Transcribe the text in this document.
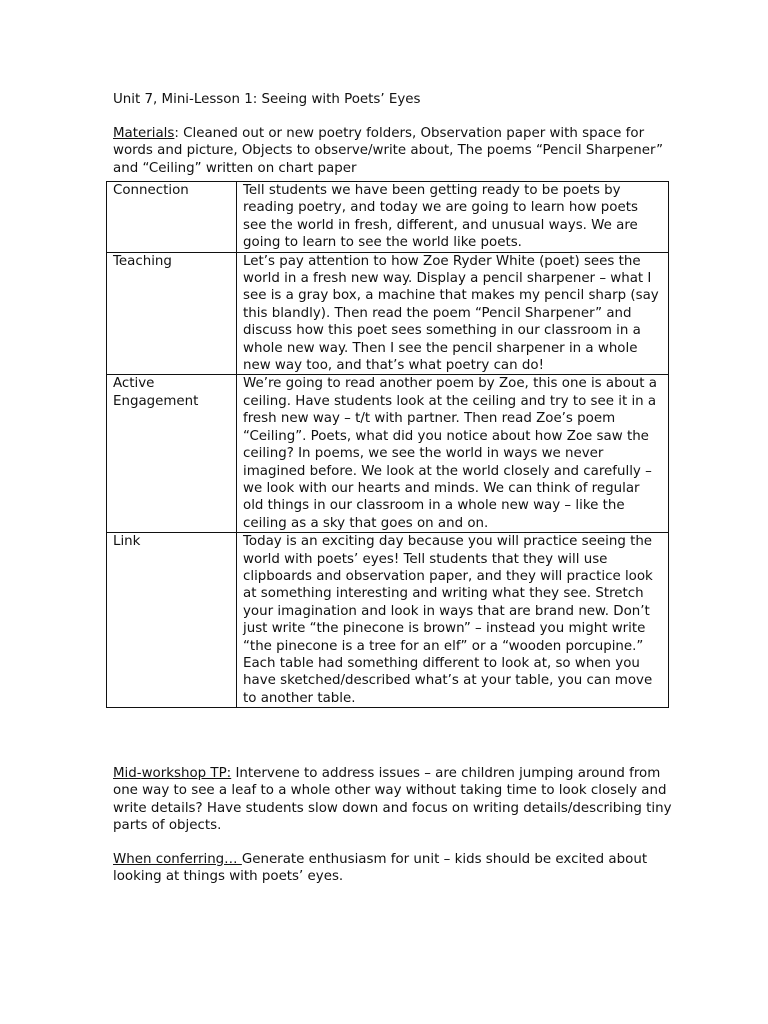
Unit 7, Mini-Lesson 1: Seeing with Poets’ Eyes
Materials: Cleaned out or new poetry folders, Observation paper with space for words and picture, Objects to observe/write about, The poems “Pencil Sharpener” and “Ceiling” written on chart paper
Connection	Tell students we have been getting ready to be poets by reading poetry, and today we are going to learn how poets see the world in fresh, different, and unusual ways. We are going to learn to see the world like poets.
Teaching	Let’s pay attention to how Zoe Ryder White (poet) sees the world in a fresh new way. Display a pencil sharpener – what I see is a gray box, a machine that makes my pencil sharp (say this blandly). Then read the poem “Pencil Sharpener” and discuss how this poet sees something in our classroom in a whole new way. Then I see the pencil sharpener in a whole new way too, and that’s what poetry can do!
Active Engagement	We’re going to read another poem by Zoe, this one is about a ceiling. Have students look at the ceiling and try to see it in a fresh new way – t/t with partner. Then read Zoe’s poem “Ceiling”. Poets, what did you notice about how Zoe saw the ceiling? In poems, we see the world in ways we never imagined before. We look at the world closely and carefully – we look with our hearts and minds. We can think of regular old things in our classroom in a whole new way – like the ceiling as a sky that goes on and on.
Link	Today is an exciting day because you will practice seeing the world with poets’ eyes! Tell students that they will use clipboards and observation paper, and they will practice look at something interesting and writing what they see. Stretch your imagination and look in ways that are brand new. Don’t just write “the pinecone is brown” – instead you might write “the pinecone is a tree for an elf” or a “wooden porcupine.” Each table had something different to look at, so when you have sketched/described what’s at your table, you can move to another table.
Mid-workshop TP: Intervene to address issues – are children jumping around from one way to see a leaf to a whole other way without taking time to look closely and write details? Have students slow down and focus on writing details/describing tiny parts of objects.
When conferring… Generate enthusiasm for unit – kids should be excited about looking at things with poets’ eyes.
